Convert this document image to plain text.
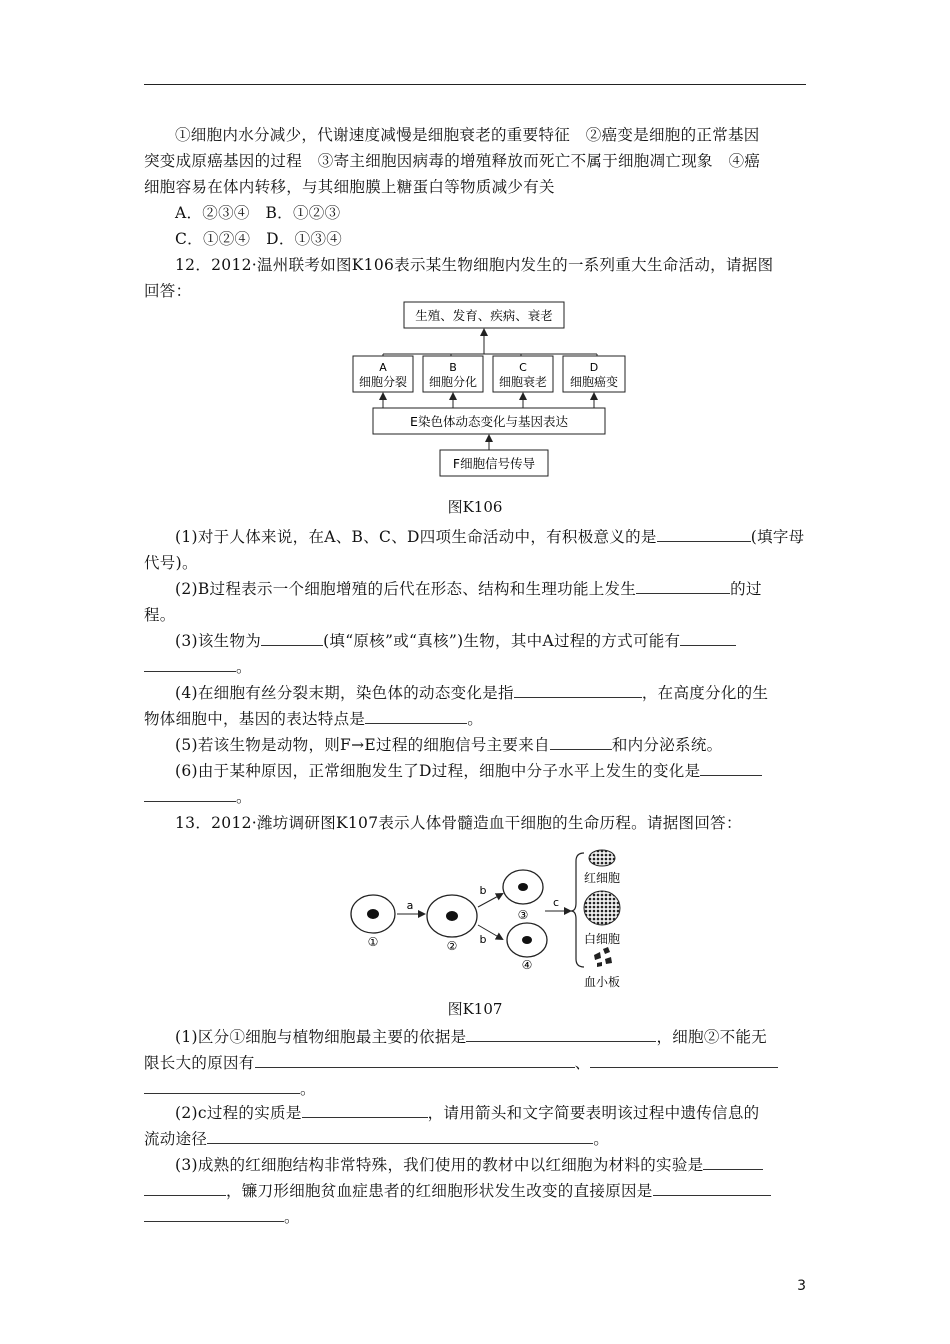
①细胞内水分减少，代谢速度减慢是细胞衰老的重要特征　②癌变是细胞的正常基因
突变成原癌基因的过程　③寄主细胞因病毒的增殖释放而死亡不属于细胞凋亡现象　④癌
细胞容易在体内转移，与其细胞膜上糖蛋白等物质减少有关
A．②③④　B．①②③
C．①②④　D．①③④
12．2012·温州联考如图K106表示某生物细胞内发生的一系列重大生命活动，请据图
回答：
生殖、发育、疾病、衰老
A
细胞分裂
B
细胞分化
C
细胞衰老
D
细胞癌变
E染色体动态变化与基因表达
F细胞信号传导
图K106
(1)对于人体来说，在A、B、C、D四项生命活动中，有积极意义的是	(填字母
代号)。
(2)B过程表示一个细胞增殖的后代在形态、结构和生理功能上发生	的过
程。
(3)该生物为	(填“原核”或“真核”)生物，其中A过程的方式可能有
。
(4)在细胞有丝分裂末期，染色体的动态变化是指	，在高度分化的生
物体细胞中，基因的表达特点是	。
(5)若该生物是动物，则F→E过程的细胞信号主要来自	和内分泌系统。
(6)由于某种原因，正常细胞发生了D过程，细胞中分子水平上发生的变化是
。
13．2012·潍坊调研图K107表示人体骨髓造血干细胞的生命历程。请据图回答：
①
a
②
b
b
③
④
c
红细胞
白细胞
血小板
图K107
(1)区分①细胞与植物细胞最主要的依据是	，细胞②不能无
限长大的原因有	、
。
(2)c过程的实质是	，请用箭头和文字简要表明该过程中遗传信息的
流动途径	。
(3)成熟的红细胞结构非常特殊，我们使用的教材中以红细胞为材料的实验是
，镰刀形细胞贫血症患者的红细胞形状发生改变的直接原因是
。
3
